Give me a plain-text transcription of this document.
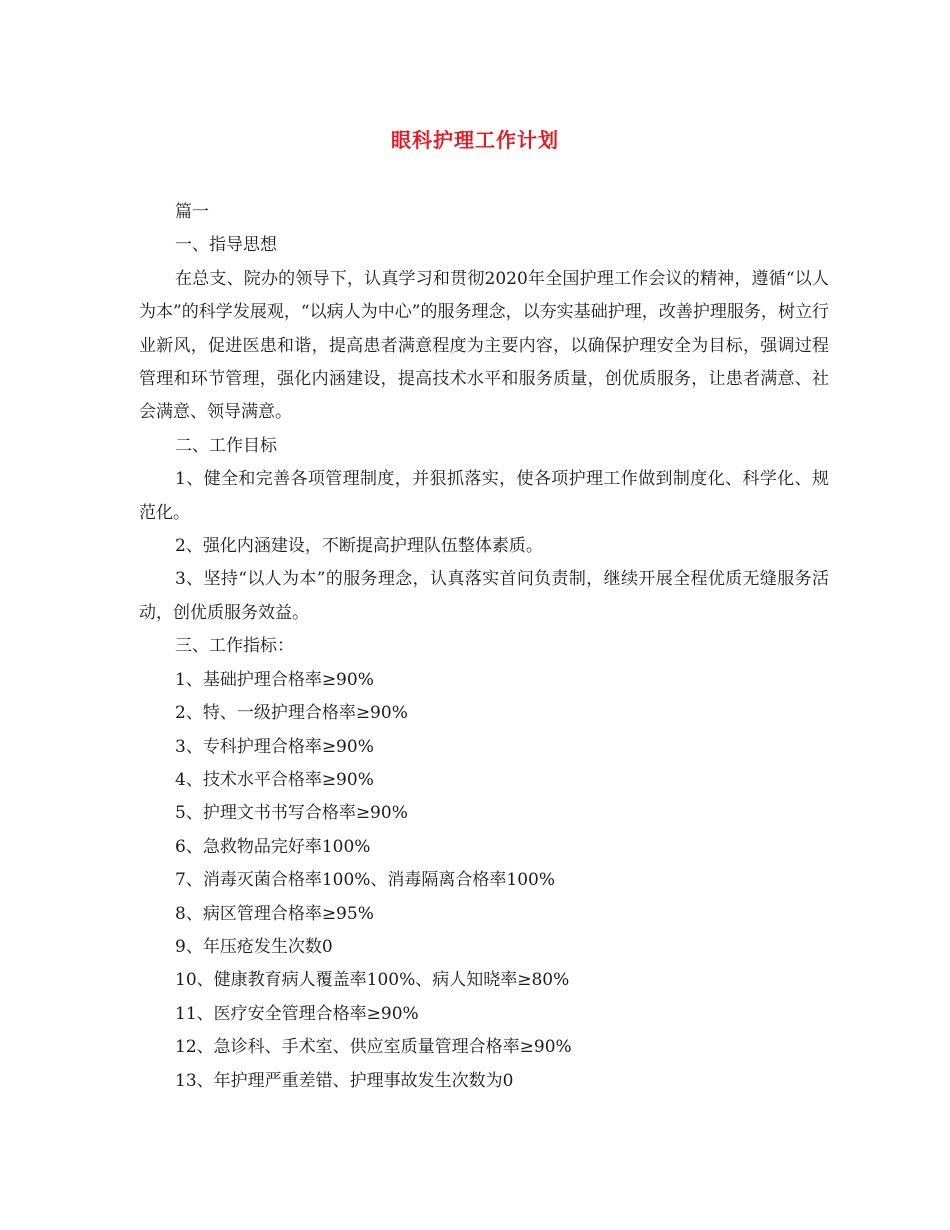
眼科护理工作计划

篇一

一、指导思想

在总支、院办的领导下，认真学习和贯彻2020年全国护理工作会议的精神，遵循“以人为本”的科学发展观，“以病人为中心”的服务理念，以夯实基础护理，改善护理服务，树立行业新风，促进医患和谐，提高患者满意程度为主要内容，以确保护理安全为目标，强调过程管理和环节管理，强化内涵建设，提高技术水平和服务质量，创优质服务，让患者满意、社会满意、领导满意。

二、工作目标

1、健全和完善各项管理制度，并狠抓落实，使各项护理工作做到制度化、科学化、规范化。

2、强化内涵建设，不断提高护理队伍整体素质。

3、坚持“以人为本”的服务理念，认真落实首问负责制，继续开展全程优质无缝服务活动，创优质服务效益。

三、工作指标：

1、基础护理合格率≥90%

2、特、一级护理合格率≥90%

3、专科护理合格率≥90%

4、技术水平合格率≥90%

5、护理文书书写合格率≥90%

6、急救物品完好率100%

7、消毒灭菌合格率100%、消毒隔离合格率100%

8、病区管理合格率≥95%

9、年压疮发生次数0

10、健康教育病人覆盖率100%、病人知晓率≥80%

11、医疗安全管理合格率≥90%

12、急诊科、手术室、供应室质量管理合格率≥90%

13、年护理严重差错、护理事故发生次数为0
